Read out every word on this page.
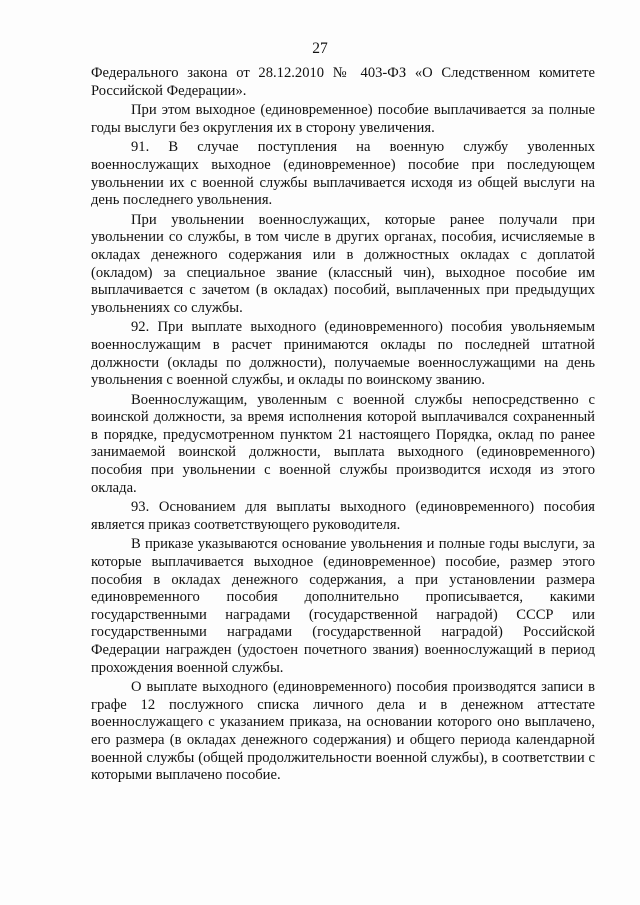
27

Федерального закона от 28.12.2010 № 403-ФЗ «О Следственном комитете Российской Федерации».

При этом выходное (единовременное) пособие выплачивается за полные годы выслуги без округления их в сторону увеличения.

91. В случае поступления на военную службу уволенных военнослужащих выходное (единовременное) пособие при последующем увольнении их с военной службы выплачивается исходя из общей выслуги на день последнего увольнения.

При увольнении военнослужащих, которые ранее получали при увольнении со службы, в том числе в других органах, пособия, исчисляемые в окладах денежного содержания или в должностных окладах с доплатой (окладом) за специальное звание (классный чин), выходное пособие им выплачивается с зачетом (в окладах) пособий, выплаченных при предыдущих увольнениях со службы.

92. При выплате выходного (единовременного) пособия увольняемым военнослужащим в расчет принимаются оклады по последней штатной должности (оклады по должности), получаемые военнослужащими на день увольнения с военной службы, и оклады по воинскому званию.

Военнослужащим, уволенным с военной службы непосредственно с воинской должности, за время исполнения которой выплачивался сохраненный в порядке, предусмотренном пунктом 21 настоящего Порядка, оклад по ранее занимаемой воинской должности, выплата выходного (единовременного) пособия при увольнении с военной службы производится исходя из этого оклада.

93. Основанием для выплаты выходного (единовременного) пособия является приказ соответствующего руководителя.

В приказе указываются основание увольнения и полные годы выслуги, за которые выплачивается выходное (единовременное) пособие, размер этого пособия в окладах денежного содержания, а при установлении размера единовременного пособия дополнительно прописывается, какими государственными наградами (государственной наградой) СССР или государственными наградами (государственной наградой) Российской Федерации награжден (удостоен почетного звания) военнослужащий в период прохождения военной службы.

О выплате выходного (единовременного) пособия производятся записи в графе 12 послужного списка личного дела и в денежном аттестате военнослужащего с указанием приказа, на основании которого оно выплачено, его размера (в окладах денежного содержания) и общего периода календарной военной службы (общей продолжительности военной службы), в соответствии с которыми выплачено пособие.
